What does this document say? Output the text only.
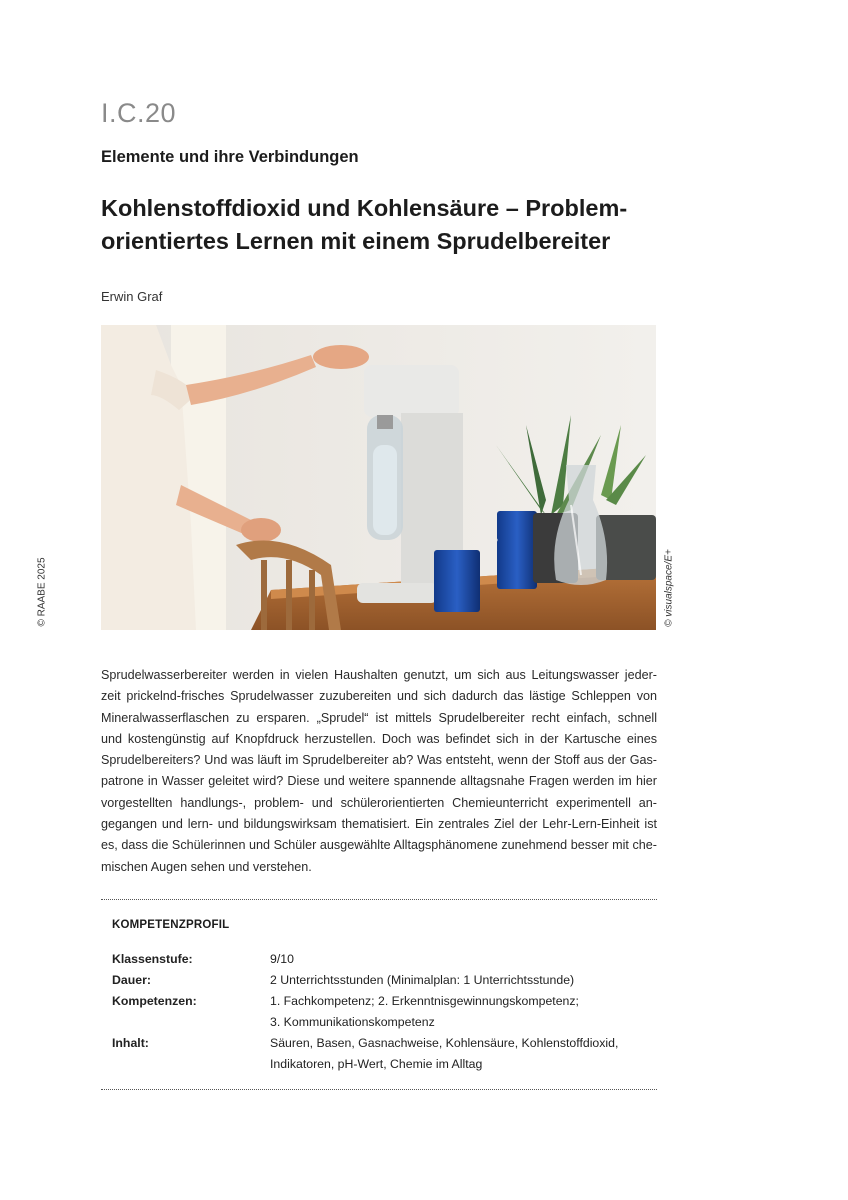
I.C.20
Elemente und ihre Verbindungen
Kohlenstoffdioxid und Kohlensäure – Problem-
orientiertes Lernen mit einem Sprudelbereiter
Erwin Graf
© RAABE 2025	© visualspace/E+
Sprudelwasserbereiter werden in vielen Haushalten genutzt, um sich aus Leitungswasser jeder-
zeit prickelnd-frisches Sprudelwasser zuzubereiten und sich dadurch das lästige Schleppen von
Mineralwasserflaschen zu ersparen. „Sprudel“ ist mittels Sprudelbereiter recht einfach, schnell
und kostengünstig auf Knopfdruck herzustellen. Doch was befindet sich in der Kartusche eines
Sprudelbereiters? Und was läuft im Sprudelbereiter ab? Was entsteht, wenn der Stoff aus der Gas-
patrone in Wasser geleitet wird? Diese und weitere spannende alltagsnahe Fragen werden im hier
vorgestellten handlungs-, problem- und schülerorientierten Chemieunterricht experimentell an-
gegangen und lern- und bildungswirksam thematisiert. Ein zentrales Ziel der Lehr-Lern-Einheit ist
es, dass die Schülerinnen und Schüler ausgewählte Alltagsphänomene zunehmend besser mit che-
mischen Augen sehen und verstehen.
KOMPETENZPROFIL
Klassenstufe:	9/10
Dauer:	2 Unterrichtsstunden (Minimalplan: 1 Unterrichtsstunde)
Kompetenzen:	1. Fachkompetenz; 2. Erkenntnisgewinnungskompetenz;
3. Kommunikationskompetenz
Inhalt:	Säuren, Basen, Gasnachweise, Kohlensäure, Kohlenstoffdioxid,
Indikatoren, pH-Wert, Chemie im Alltag
